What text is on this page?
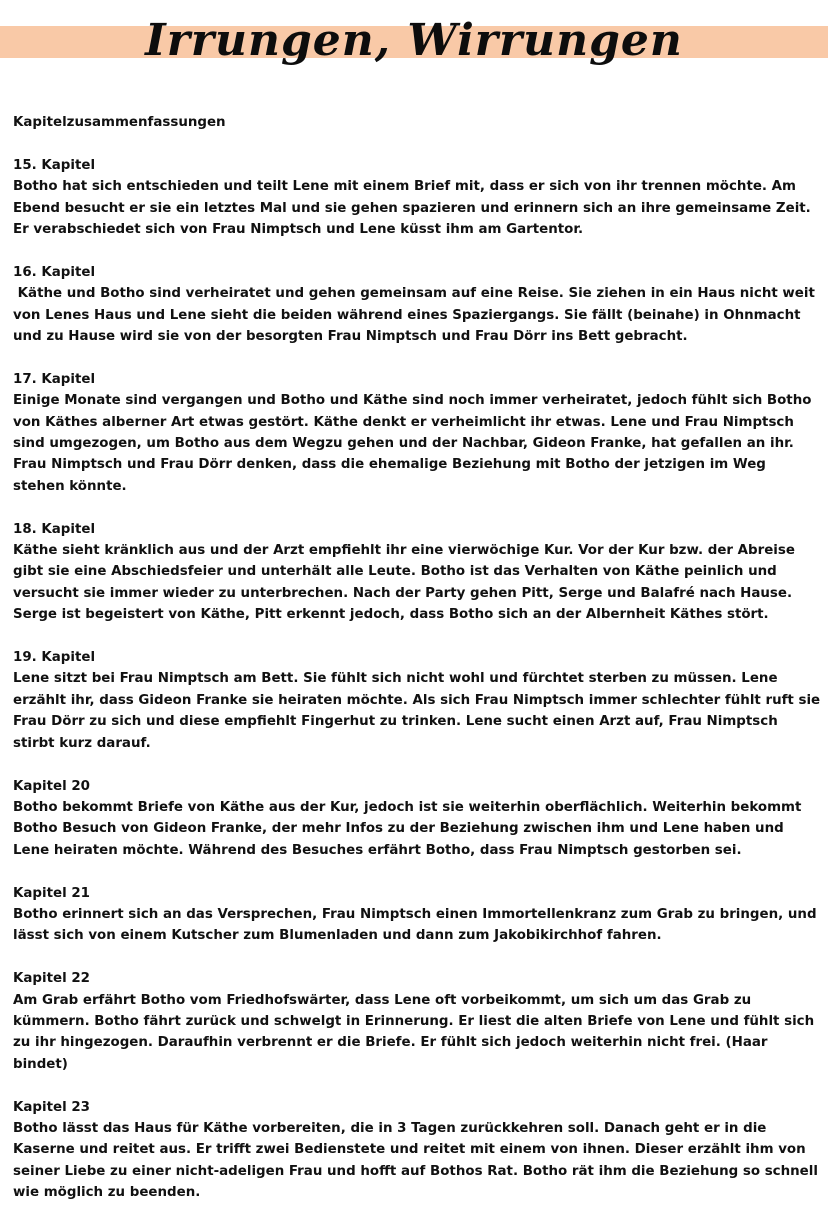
Irrungen, Wirrungen
Kapitelzusammenfassungen
15. Kapitel
Botho hat sich entschieden und teilt Lene mit einem Brief mit, dass er sich von ihr trennen möchte. Am Ebend besucht er sie ein letztes Mal und sie gehen spazieren und erinnern sich an ihre gemeinsame Zeit. Er verabschiedet sich von Frau Nimptsch und Lene küsst ihm am Gartentor.
16. Kapitel
Käthe und Botho sind verheiratet und gehen gemeinsam auf eine Reise. Sie ziehen in ein Haus nicht weit von Lenes Haus und Lene sieht die beiden während eines Spaziergangs. Sie fällt (beinahe) in Ohnmacht und zu Hause wird sie von der besorgten Frau Nimptsch und Frau Dörr ins Bett gebracht.
17. Kapitel
Einige Monate sind vergangen und Botho und Käthe sind noch immer verheiratet, jedoch fühlt sich Botho von Käthes alberner Art etwas gestört. Käthe denkt er verheimlicht ihr etwas. Lene und Frau Nimptsch sind umgezogen, um Botho aus dem Wegzu gehen und der Nachbar, Gideon Franke, hat gefallen an ihr. Frau Nimptsch und Frau Dörr denken, dass die ehemalige Beziehung mit Botho der jetzigen im Weg stehen könnte.
18. Kapitel
Käthe sieht kränklich aus und der Arzt empfiehlt ihr eine vierwöchige Kur. Vor der Kur bzw. der Abreise gibt sie eine Abschiedsfeier und unterhält alle Leute. Botho ist das Verhalten von Käthe peinlich und versucht sie immer wieder zu unterbrechen. Nach der Party gehen Pitt, Serge und Balafré nach Hause. Serge ist begeistert von Käthe, Pitt erkennt jedoch, dass Botho sich an der Albernheit Käthes stört.
19. Kapitel
Lene sitzt bei Frau Nimptsch am Bett. Sie fühlt sich nicht wohl und fürchtet sterben zu müssen. Lene erzählt ihr, dass Gideon Franke sie heiraten möchte. Als sich Frau Nimptsch immer schlechter fühlt ruft sie Frau Dörr zu sich und diese empfiehlt Fingerhut zu trinken. Lene sucht einen Arzt auf, Frau Nimptsch stirbt kurz darauf.
Kapitel 20
Botho bekommt Briefe von Käthe aus der Kur, jedoch ist sie weiterhin oberflächlich. Weiterhin bekommt Botho Besuch von Gideon Franke, der mehr Infos zu der Beziehung zwischen ihm und Lene haben und Lene heiraten möchte. Während des Besuches erfährt Botho, dass Frau Nimptsch gestorben sei.
Kapitel 21
Botho erinnert sich an das Versprechen, Frau Nimptsch einen Immortellenkranz zum Grab zu bringen, und lässt sich von einem Kutscher zum Blumenladen und dann zum Jakobikirchhof fahren.
Kapitel 22
Am Grab erfährt Botho vom Friedhofswärter, dass Lene oft vorbeikommt, um sich um das Grab zu kümmern. Botho fährt zurück und schwelgt in Erinnerung. Er liest die alten Briefe von Lene und fühlt sich zu ihr hingezogen. Daraufhin verbrennt er die Briefe. Er fühlt sich jedoch weiterhin nicht frei. (Haar bindet)
Kapitel 23
Botho lässt das Haus für Käthe vorbereiten, die in 3 Tagen zurückkehren soll. Danach geht er in die Kaserne und reitet aus. Er trifft zwei Bedienstete und reitet mit einem von ihnen. Dieser erzählt ihm von seiner Liebe zu einer nicht-adeligen Frau und hofft auf Bothos Rat. Botho rät ihm die Beziehung so schnell wie möglich zu beenden.
